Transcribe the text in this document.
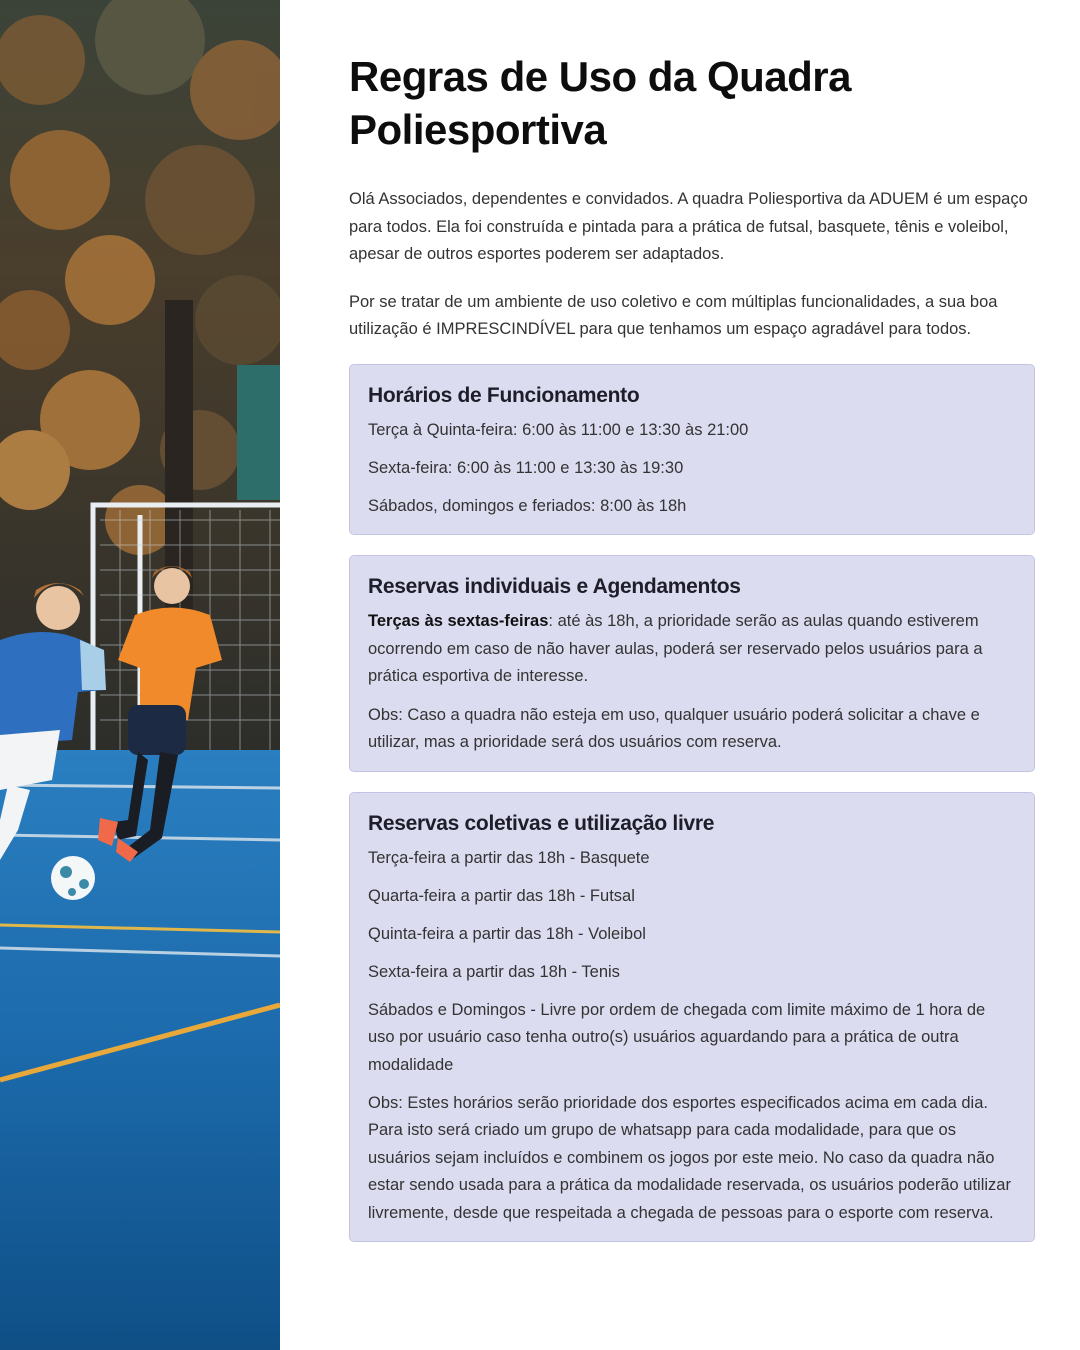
Regras de Uso da Quadra Poliesportiva

Olá Associados, dependentes e convidados. A quadra Poliesportiva da ADUEM é um espaço para todos. Ela foi construída e pintada para a prática de futsal, basquete, tênis e voleibol, apesar de outros esportes poderem ser adaptados.

Por se tratar de um ambiente de uso coletivo e com múltiplas funcionalidades, a sua boa utilização é IMPRESCINDÍVEL para que tenhamos um espaço agradável para todos.

Horários de Funcionamento

Terça à Quinta-feira: 6:00 às 11:00 e 13:30 às 21:00

Sexta-feira: 6:00 às 11:00 e 13:30 às 19:30

Sábados, domingos e feriados: 8:00 às 18h

Reservas individuais e Agendamentos

Terças às sextas-feiras: até às 18h, a prioridade serão as aulas quando estiverem ocorrendo em caso de não haver aulas, poderá ser reservado pelos usuários para a prática esportiva de interesse.

Obs: Caso a quadra não esteja em uso, qualquer usuário poderá solicitar a chave e utilizar, mas a prioridade será dos usuários com reserva.

Reservas coletivas e utilização livre

Terça-feira a partir das 18h - Basquete

Quarta-feira a partir das 18h - Futsal

Quinta-feira a partir das 18h - Voleibol

Sexta-feira a partir das 18h - Tenis

Sábados e Domingos - Livre por ordem de chegada com limite máximo de 1 hora de uso por usuário caso tenha outro(s) usuários aguardando para a prática de outra modalidade

Obs: Estes horários serão prioridade dos esportes especificados acima em cada dia. Para isto será criado um grupo de whatsapp para cada modalidade, para que os usuários sejam incluídos e combinem os jogos por este meio. No caso da quadra não estar sendo usada para a prática da modalidade reservada, os usuários poderão utilizar livremente, desde que respeitada a chegada de pessoas para o esporte com reserva.
